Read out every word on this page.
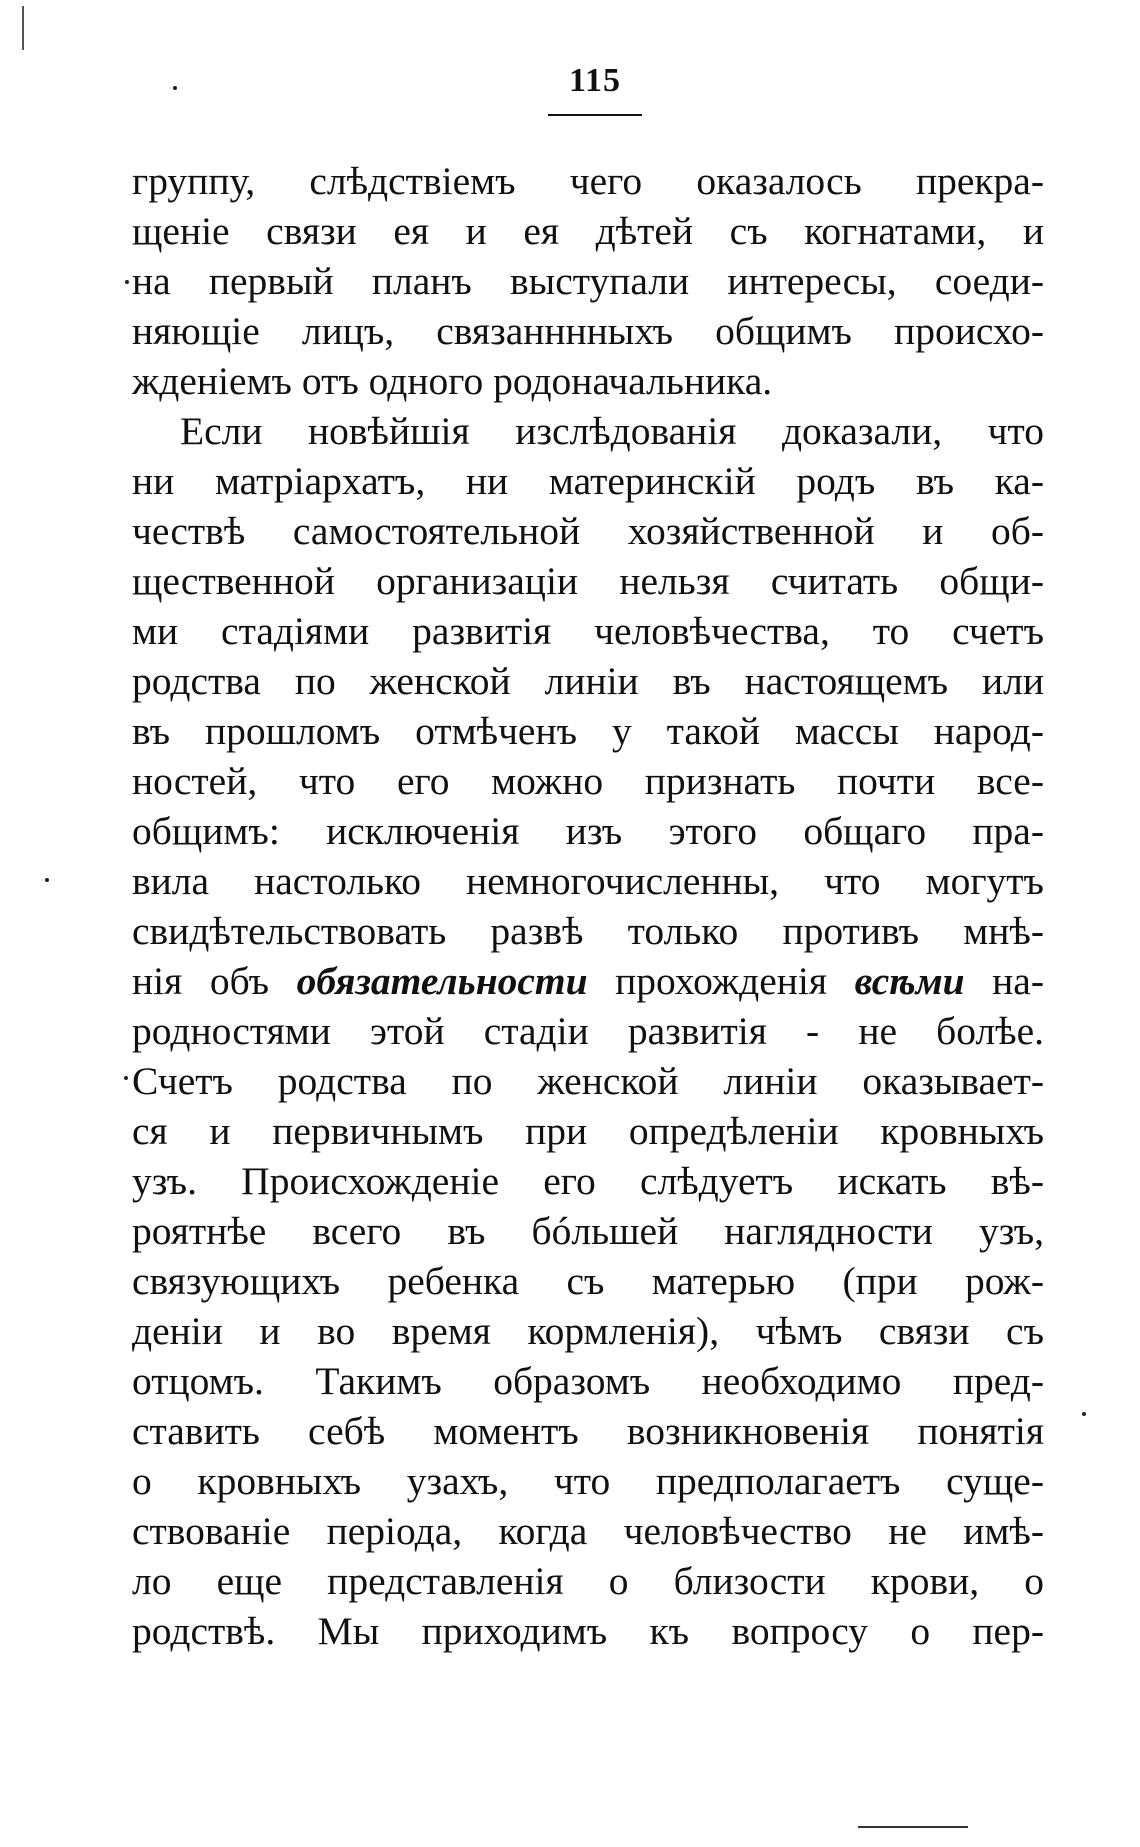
115
группу, слѣдствіемъ чего оказалось прекра-
щеніе связи ея и ея дѣтей съ когнатами, и
на первый планъ выступали интересы, соеди-
няющіе лицъ, связанннныхъ общимъ происхо-
жденіемъ отъ одного родоначальника.
Если новѣйшія изслѣдованія доказали, что
ни матріархатъ, ни материнскій родъ въ ка-
чествѣ самостоятельной хозяйственной и об-
щественной организаціи нельзя считать общи-
ми стадіями развитія человѣчества, то счетъ
родства по женской линіи въ настоящемъ или
въ прошломъ отмѣченъ у такой массы народ-
ностей, что его можно признать почти все-
общимъ: исключенія изъ этого общаго пра-
вила настолько немногочисленны, что могутъ
свидѣтельствовать развѣ только противъ мнѣ-
нія объ обязательности прохожденія всѣми на-
родностями этой стадіи развитія - не болѣе.
Счетъ родства по женской линіи оказывает-
ся и первичнымъ при опредѣленіи кровныхъ
узъ. Происхожденіе его слѣдуетъ искать вѣ-
роятнѣе всего въ бóльшей наглядности узъ,
связующихъ ребенка съ матерью (при рож-
деніи и во время кормленія), чѣмъ связи съ
отцомъ. Такимъ образомъ необходимо пред-
ставить себѣ моментъ возникновенія понятія
о кровныхъ узахъ, что предполагаетъ суще-
ствованіе періода, когда человѣчество не имѣ-
ло еще представленія о близости крови, о
родствѣ. Мы приходимъ къ вопросу о пер-
